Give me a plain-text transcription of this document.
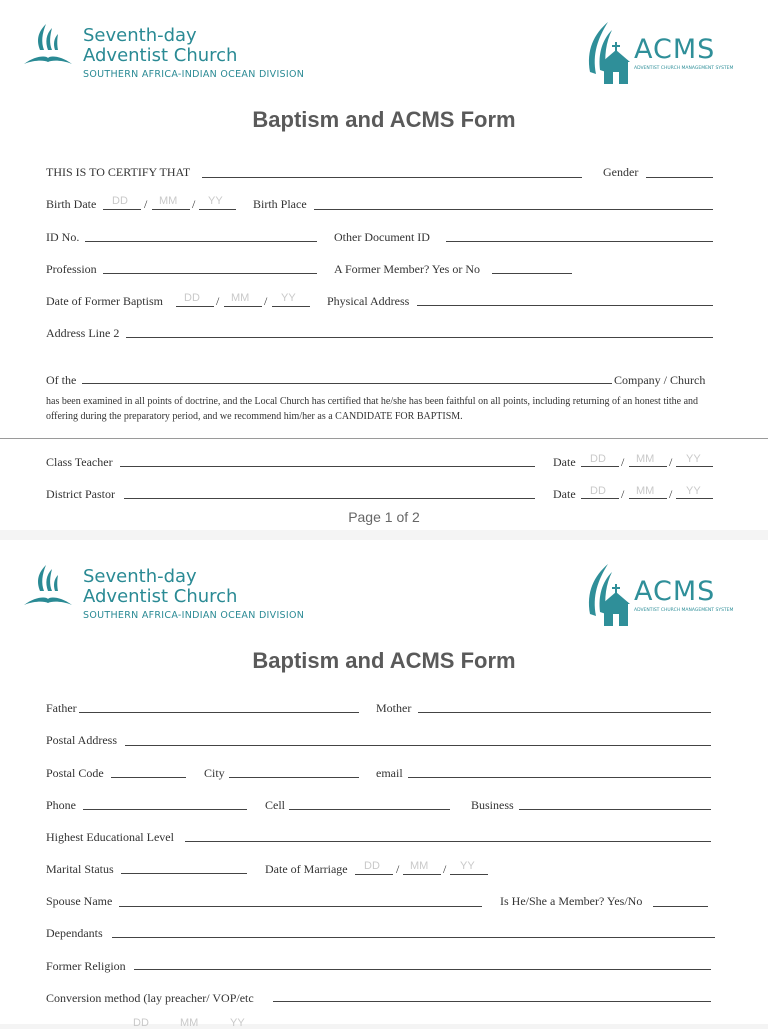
Seventh-day
Adventist Church
SOUTHERN AFRICA-INDIAN OCEAN DIVISION
ACMS
ADVENTIST CHURCH MANAGEMENT SYSTEM
Baptism and ACMS Form
THIS IS TO CERTIFY THAT	Gender
Birth Date DD / MM / YY	Birth Place
ID No.	Other Document ID
Profession	A Former Member? Yes or No
Date of Former Baptism DD / MM / YY	Physical Address
Address Line 2
Of the	Company / Church
has been examined in all points of doctrine, and the Local Church has certified that he/she has been faithful on all points, including returning of an honest tithe and offering during the preparatory period, and we recommend him/her as a CANDIDATE FOR BAPTISM.
Class Teacher	Date DD / MM / YY
District Pastor	Date DD / MM / YY
Page 1 of 2
Seventh-day
Adventist Church
SOUTHERN AFRICA-INDIAN OCEAN DIVISION
ACMS
ADVENTIST CHURCH MANAGEMENT SYSTEM
Baptism and ACMS Form
Father	Mother
Postal Address
Postal Code	City	email
Phone	Cell	Business
Highest Educational Level
Marital Status	Date of Marriage DD / MM / YY
Spouse Name	Is He/She a Member? Yes/No
Dependants
Former Religion
Conversion method (lay preacher/ VOP/etc
DD	MM	YY
